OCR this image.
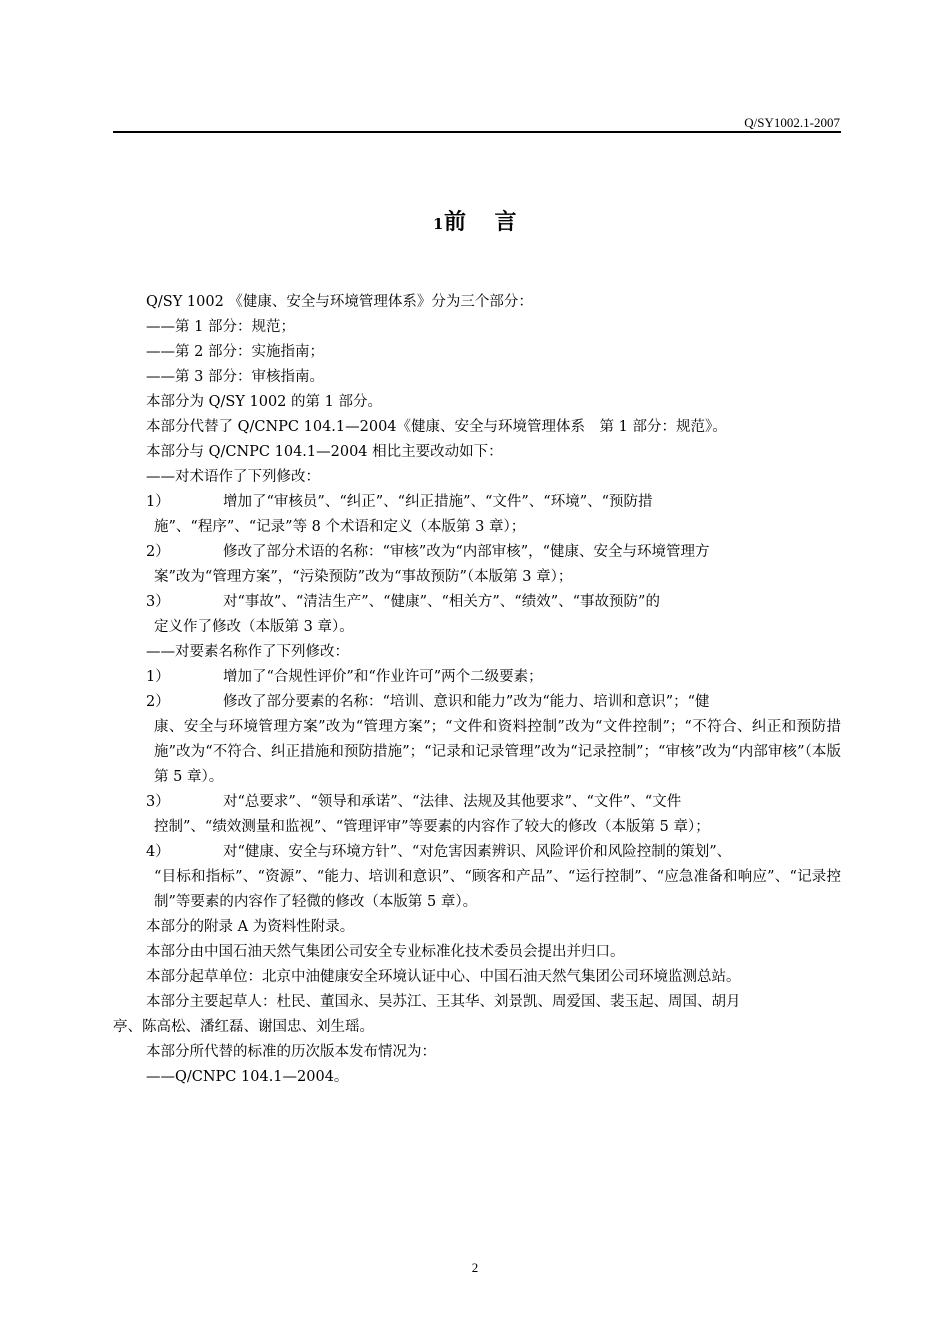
Q/SY1002.1-2007
1前 言
Q/SY 1002 《健康、安全与环境管理体系》分为三个部分：
——第 1 部分：规范；
——第 2 部分：实施指南；
——第 3 部分：审核指南。
本部分为 Q/SY 1002 的第 1 部分。
本部分代替了 Q/CNPC 104.1—2004《健康、安全与环境管理体系　第 1 部分：规范》。
本部分与 Q/CNPC 104.1—2004 相比主要改动如下：
——对术语作了下列修改：
1）	增加了“审核员”、“纠正”、“纠正措施”、“文件”、“环境”、“预防措
施”、“程序”、“记录”等 8 个术语和定义（本版第 3 章）；
2）	修改了部分术语的名称：“审核”改为“内部审核”，“健康、安全与环境管理方
案”改为“管理方案”，“污染预防”改为“事故预防”（本版第 3 章）；
3）	对“事故”、“清洁生产”、“健康”、“相关方”、“绩效”、“事故预防”的
定义作了修改（本版第 3 章）。
——对要素名称作了下列修改：
1）	增加了“合规性评价”和“作业许可”两个二级要素；
2）	修改了部分要素的名称：“培训、意识和能力”改为“能力、培训和意识”；“健
康、安全与环境管理方案”改为“管理方案”；“文件和资料控制”改为“文件控制”；“不符合、纠正和预防措施”改为“不符合、纠正措施和预防措施”；“记录和记录管理”改为“记录控制”；“审核”改为“内部审核”（本版第 5 章）。
3）	对“总要求”、“领导和承诺”、“法律、法规及其他要求”、“文件”、“文件
控制”、“绩效测量和监视”、“管理评审”等要素的内容作了较大的修改（本版第 5 章）；
4）	对“健康、安全与环境方针”、“对危害因素辨识、风险评价和风险控制的策划”、
“目标和指标”、“资源”、“能力、培训和意识”、“顾客和产品”、“运行控制”、“应急准备和响应”、“记录控制”等要素的内容作了轻微的修改（本版第 5 章）。
本部分的附录 A 为资料性附录。
本部分由中国石油天然气集团公司安全专业标准化技术委员会提出并归口。
本部分起草单位：北京中油健康安全环境认证中心、中国石油天然气集团公司环境监测总站。
本部分主要起草人：杜民、董国永、吴苏江、王其华、刘景凯、周爱国、裴玉起、周国、胡月
亭、陈高松、潘红磊、谢国忠、刘生瑶。
本部分所代替的标准的历次版本发布情况为：
——Q/CNPC 104.1—2004。
2
